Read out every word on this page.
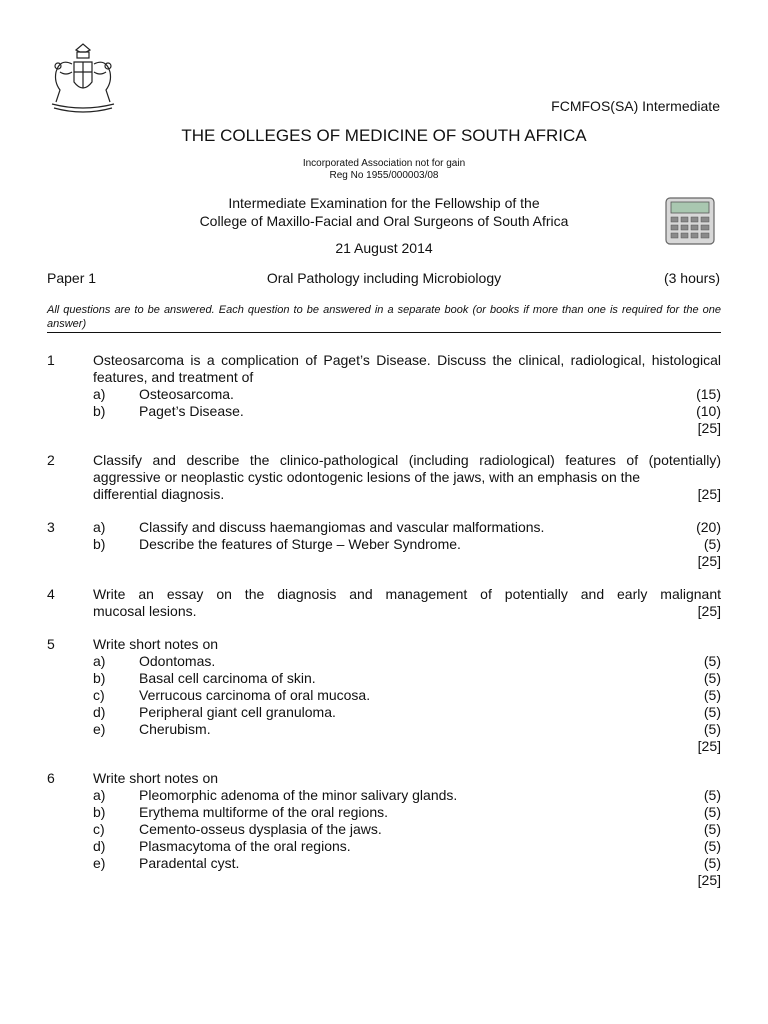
FCMFOS(SA) Intermediate
THE COLLEGES OF MEDICINE OF SOUTH AFRICA
Incorporated Association not for gain
Reg No 1955/000003/08
Intermediate Examination for the Fellowship of the
College of Maxillo-Facial and Oral Surgeons of South Africa
21 August 2014
Paper 1	Oral Pathology including Microbiology	(3 hours)
All questions are to be answered. Each question to be answered in a separate book (or books if more than one is required for the one answer)
1	Osteosarcoma is a complication of Paget’s Disease. Discuss the clinical, radiological, histological features, and treatment of
a) Osteosarcoma.	(15)
b) Paget’s Disease.	(10)
[25]
2	Classify and describe the clinico-pathological (including radiological) features of (potentially) aggressive or neoplastic cystic odontogenic lesions of the jaws, with an emphasis on the
differential diagnosis.	[25]
3	a) Classify and discuss haemangiomas and vascular malformations.	(20)
b) Describe the features of Sturge – Weber Syndrome.	(5)
[25]
4	Write an essay on the diagnosis and management of potentially and early malignant
mucosal lesions.	[25]
5	Write short notes on
a) Odontomas.	(5)
b) Basal cell carcinoma of skin.	(5)
c) Verrucous carcinoma of oral mucosa.	(5)
d) Peripheral giant cell granuloma.	(5)
e) Cherubism.	(5)
[25]
6	Write short notes on
a) Pleomorphic adenoma of the minor salivary glands.	(5)
b) Erythema multiforme of the oral regions.	(5)
c) Cemento-osseus dysplasia of the jaws.	(5)
d) Plasmacytoma of the oral regions.	(5)
e) Paradental cyst.	(5)
[25]
